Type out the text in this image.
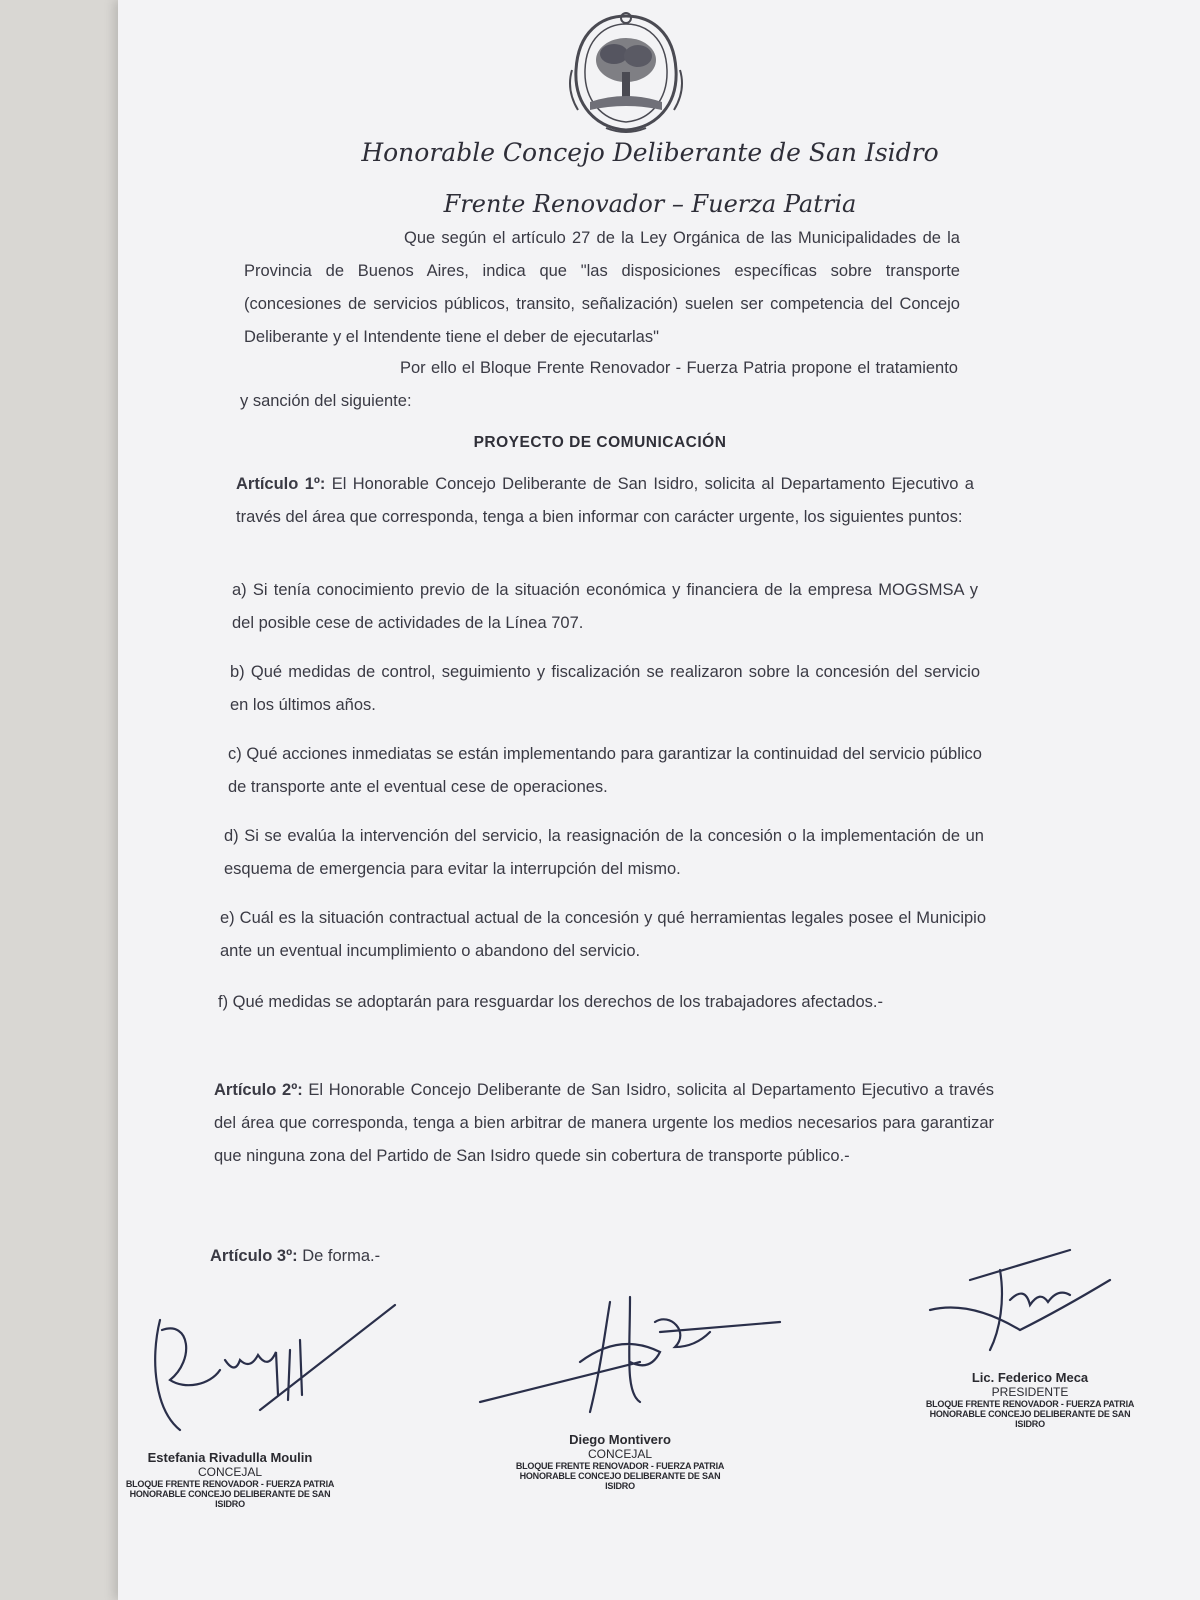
Honorable Concejo Deliberante de San Isidro
Frente Renovador – Fuerza Patria

Que según el artículo 27 de la Ley Orgánica de las Municipalidades de la Provincia de Buenos Aires, indica que "las disposiciones específicas sobre transporte (concesiones de servicios públicos, transito, señalización) suelen ser competencia del Concejo Deliberante y el Intendente tiene el deber de ejecutarlas"

Por ello el Bloque Frente Renovador - Fuerza Patria propone el tratamiento y sanción del siguiente:

PROYECTO DE COMUNICACIÓN

Artículo 1º: El Honorable Concejo Deliberante de San Isidro, solicita al Departamento Ejecutivo a través del área que corresponda, tenga a bien informar con carácter urgente, los siguientes puntos:

a) Si tenía conocimiento previo de la situación económica y financiera de la empresa MOGSMSA y del posible cese de actividades de la Línea 707.

b) Qué medidas de control, seguimiento y fiscalización se realizaron sobre la concesión del servicio en los últimos años.

c) Qué acciones inmediatas se están implementando para garantizar la continuidad del servicio público de transporte ante el eventual cese de operaciones.

d) Si se evalúa la intervención del servicio, la reasignación de la concesión o la implementación de un esquema de emergencia para evitar la interrupción del mismo.

e) Cuál es la situación contractual actual de la concesión y qué herramientas legales posee el Municipio ante un eventual incumplimiento o abandono del servicio.

f) Qué medidas se adoptarán para resguardar los derechos de los trabajadores afectados.-

Artículo 2º: El Honorable Concejo Deliberante de San Isidro, solicita al Departamento Ejecutivo a través del área que corresponda, tenga a bien arbitrar de manera urgente los medios necesarios para garantizar que ninguna zona del Partido de San Isidro quede sin cobertura de transporte público.-

Artículo 3º: De forma.-

Estefania Rivadulla Moulin
CONCEJAL
BLOQUE FRENTE RENOVADOR - FUERZA PATRIA
HONORABLE CONCEJO DELIBERANTE DE SAN ISIDRO
Diego Montivero
CONCEJAL
BLOQUE FRENTE RENOVADOR - FUERZA PATRIA
HONORABLE CONCEJO DELIBERANTE DE SAN ISIDRO
Lic. Federico Meca
PRESIDENTE
BLOQUE FRENTE RENOVADOR - FUERZA PATRIA
HONORABLE CONCEJO DELIBERANTE DE SAN ISIDRO
